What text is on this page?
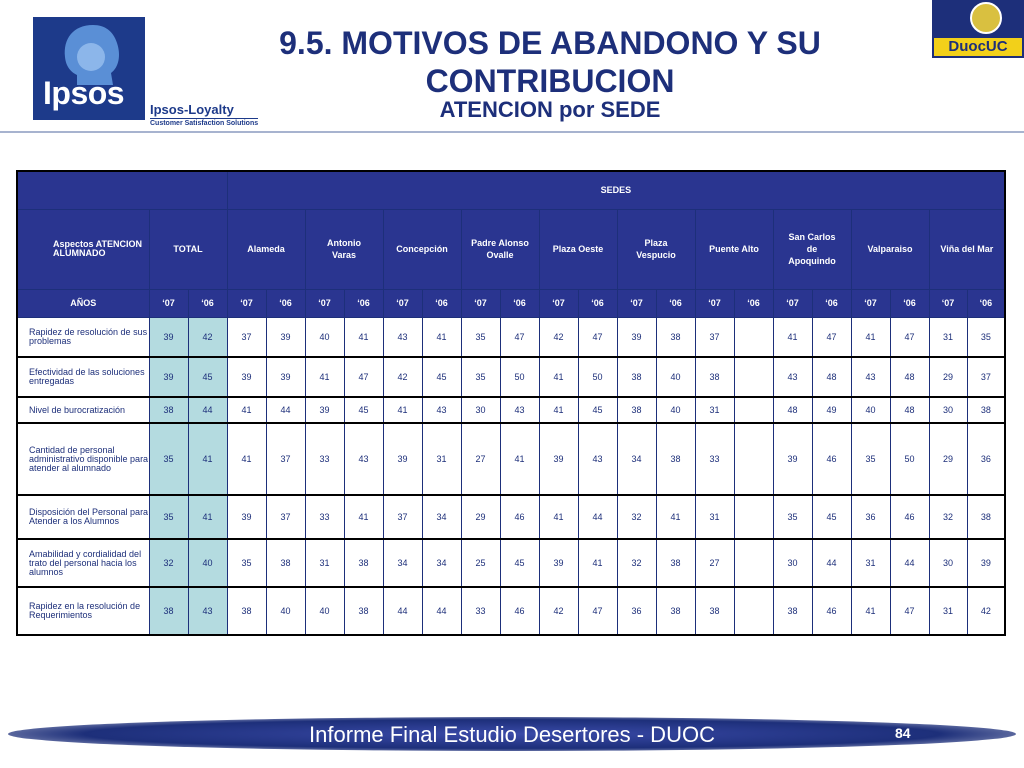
Ipsos Ipsos-Loyalty
Customer Satisfaction Solutions
9.5. MOTIVOS DE ABANDONO Y SU CONTRIBUCION
ATENCION por SEDE
DuocUC
			SEDES																			
Aspectos ATENCION ALUMNADO	TOTAL		Alameda		Antonio Varas		Concepción		Padre Alonso Ovalle		Plaza Oeste		Plaza Vespucio		Puente Alto		San Carlos de Apoquindo		Valparaiso		Viña del Mar	
AÑOS	‘07	‘06	‘07	‘06	‘07	‘06	‘07	‘06	‘07	‘06	‘07	‘06	‘07	‘06	‘07	‘06	‘07	‘06	‘07	‘06	‘07	‘06
Rapidez de resolución de sus problemas	39	42	37	39	40	41	43	41	35	47	42	47	39	38	37		41	47	41	47	31	35
Efectividad de las soluciones entregadas	39	45	39	39	41	47	42	45	35	50	41	50	38	40	38		43	48	43	48	29	37
Nivel de burocratización	38	44	41	44	39	45	41	43	30	43	41	45	38	40	31		48	49	40	48	30	38
Cantidad de personal administrativo disponible para atender al alumnado	35	41	41	37	33	43	39	31	27	41	39	43	34	38	33		39	46	35	50	29	36
Disposición del Personal para Atender a los Alumnos	35	41	39	37	33	41	37	34	29	46	41	44	32	41	31		35	45	36	46	32	38
Amabilidad y cordialidad del trato del personal hacia los alumnos	32	40	35	38	31	38	34	34	25	45	39	41	32	38	27		30	44	31	44	30	39
Rapidez en la resolución de Requerimientos	38	43	38	40	40	38	44	44	33	46	42	47	36	38	38		38	46	41	47	31	42
Informe Final Estudio Desertores - DUOC	84
